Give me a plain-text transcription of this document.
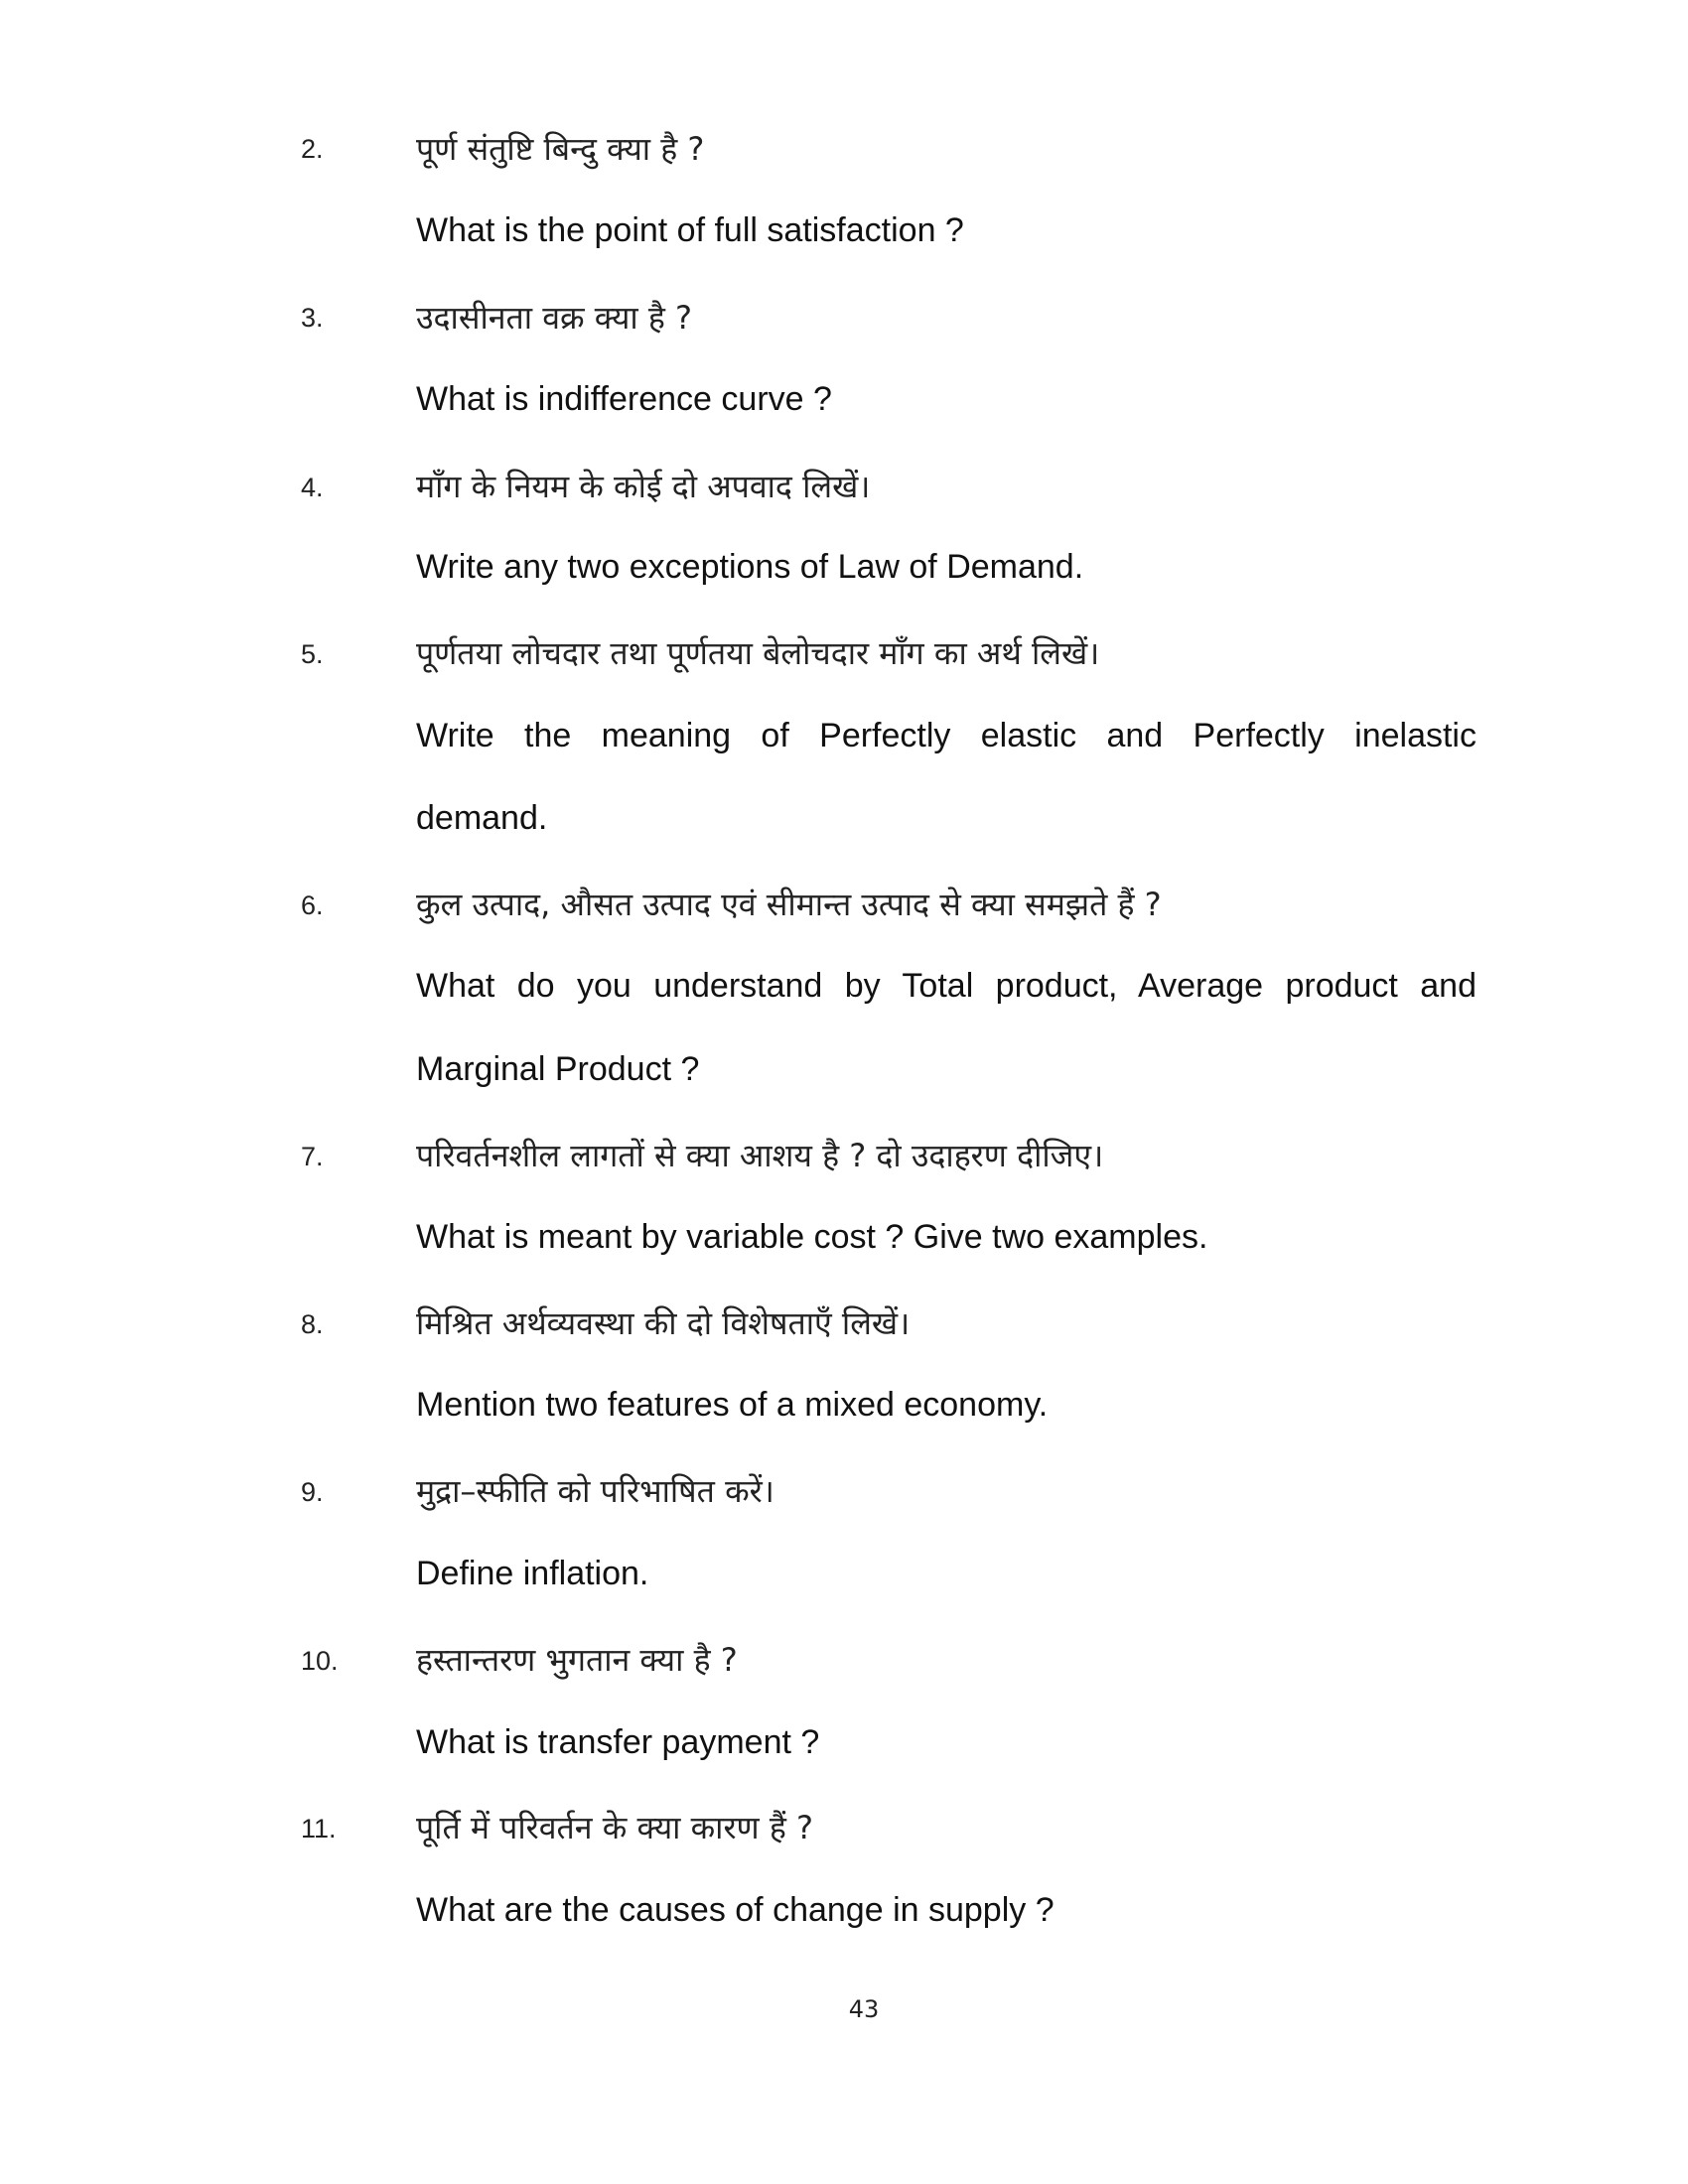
2.	पूर्ण संतुष्टि बिन्दु क्या है ?
What is the point of full satisfaction ?
3.	उदासीनता वक्र क्या है ?
What is indifference curve ?
4.	माँग के नियम के कोई दो अपवाद लिखें।
Write any two exceptions of Law of Demand.
5.	पूर्णतया लोचदार तथा पूर्णतया बेलोचदार माँग का अर्थ लिखें।
Write the meaning of Perfectly elastic and Perfectly inelastic
demand.
6.	कुल उत्पाद, औसत उत्पाद एवं सीमान्त उत्पाद से क्या समझते हैं ?
What do you understand by Total product, Average product and
Marginal Product ?
7.	परिवर्तनशील लागतों से क्या आशय है ? दो उदाहरण दीजिए।
What is meant by variable cost ? Give two examples.
8.	मिश्रित अर्थव्यवस्था की दो विशेषताएँ लिखें।
Mention two features of a mixed economy.
9.	मुद्रा–स्फीति को परिभाषित करें।
Define inflation.
10. हस्तान्तरण भुगतान क्या है ?
What is transfer payment ?
11.	पूर्ति में परिवर्तन के क्या कारण हैं ?
What are the causes of change in supply ?
43
